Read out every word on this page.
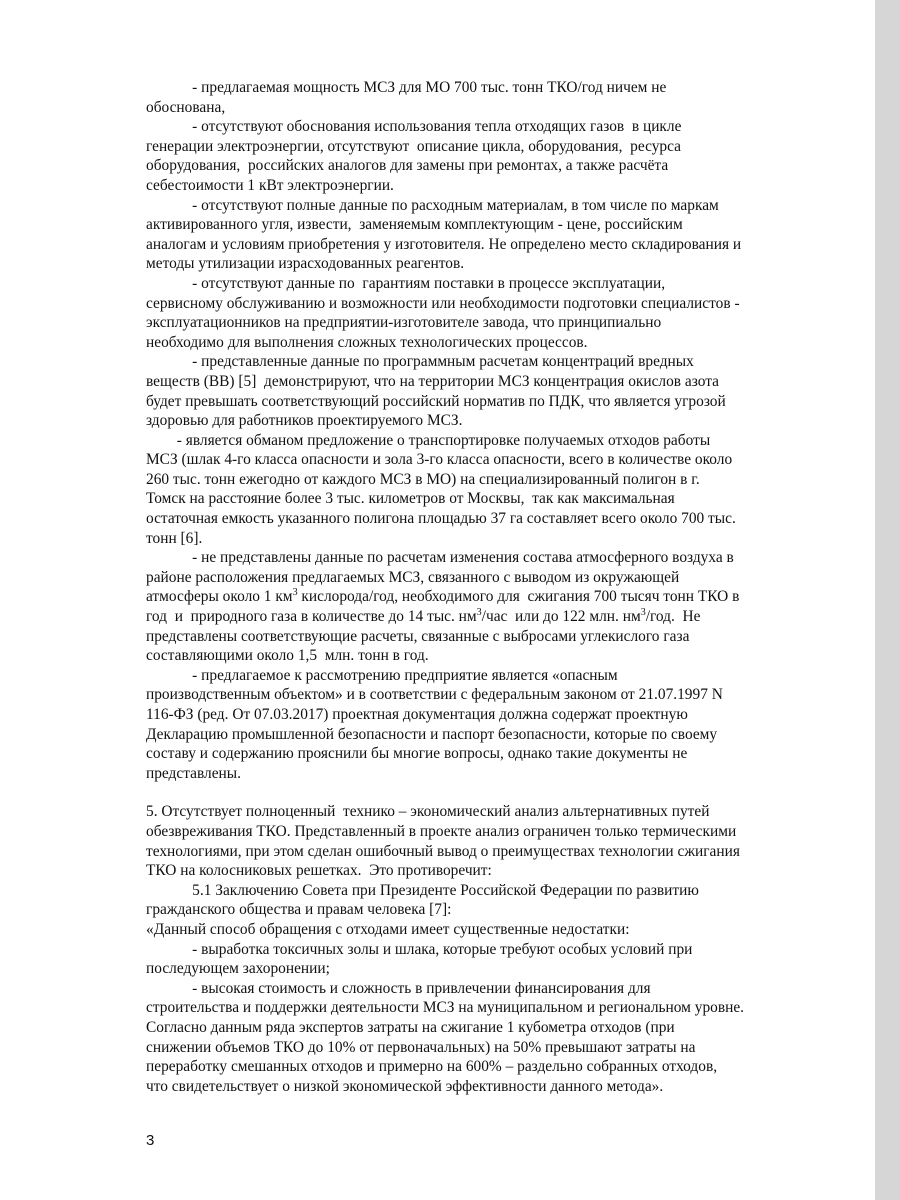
- предлагаемая мощность МСЗ для МО 700 тыс. тонн ТКО/год ничем не
обоснована,

- отсутствуют обоснования использования тепла отходящих газов  в цикле
генерации электроэнергии, отсутствуют  описание цикла, оборудования,  ресурса
оборудования,  российских аналогов для замены при ремонтах, а также расчёта
себестоимости 1 кВт электроэнергии.

- отсутствуют полные данные по расходным материалам, в том числе по маркам
активированного угля, извести,  заменяемым комплектующим - цене, российским
аналогам и условиям приобретения у изготовителя. Не определено место складирования и
методы утилизации израсходованных реагентов.

- отсутствуют данные по  гарантиям поставки в процессе эксплуатации,
сервисному обслуживанию и возможности или необходимости подготовки специалистов -
эксплуатационников на предприятии-изготовителе завода, что принципиально
необходимо для выполнения сложных технологических процессов.

- представленные данные по программным расчетам концентраций вредных
веществ (ВВ) [5]  демонстрируют, что на территории МСЗ концентрация окислов азота
будет превышать соответствующий российский норматив по ПДК, что является угрозой
здоровью для работников проектируемого МСЗ.

- является обманом предложение о транспортировке получаемых отходов работы
МСЗ (шлак 4-го класса опасности и зола 3-го класса опасности, всего в количестве около
260 тыс. тонн ежегодно от каждого МСЗ в МО) на специализированный полигон в г.
Томск на расстояние более 3 тыс. километров от Москвы,  так как максимальная
остаточная емкость указанного полигона площадью 37 га составляет всего около 700 тыс.
тонн [6].

- не представлены данные по расчетам изменения состава атмосферного воздуха в
районе расположения предлагаемых МСЗ, связанного с выводом из окружающей
атмосферы около 1 $км^3$ кислорода/год, необходимого для  сжигания 700 тысяч тонн ТКО в
год  и  природного газа в количестве до 14 тыс. $нм^3$/час  или до 122 млн. $нм^3$/год.  Не
представлены соответствующие расчеты, связанные с выбросами углекислого газа
составляющими около 1,5  млн. тонн в год.

- предлагаемое к рассмотрению предприятие является «опасным
производственным объектом» и в соответствии с федеральным законом от 21.07.1997 N
116-ФЗ (ред. От 07.03.2017) проектная документация должна содержат проектную
Декларацию промышленной безопасности и паспорт безопасности, которые по своему
составу и содержанию прояснили бы многие вопросы, однако такие документы не
представлены.

5. Отсутствует полноценный  технико – экономический анализ альтернативных путей
обезвреживания ТКО. Представленный в проекте анализ ограничен только термическими
технологиями, при этом сделан ошибочный вывод о преимуществах технологии сжигания
ТКО на колосниковых решетках.  Это противоречит:

5.1 Заключению Совета при Президенте Российской Федерации по развитию
гражданского общества и правам человека [7]:

«Данный способ обращения с отходами имеет существенные недостатки:

- выработка токсичных золы и шлака, которые требуют особых условий при
последующем захоронении;

- высокая стоимость и сложность в привлечении финансирования для
строительства и поддержки деятельности МСЗ на муниципальном и региональном уровне.
Согласно данным ряда экспертов затраты на сжигание 1 кубометра отходов (при
снижении объемов ТКО до 10% от первоначальных) на 50% превышают затраты на
переработку смешанных отходов и примерно на 600% – раздельно собранных отходов,
что свидетельствует о низкой экономической эффективности данного метода».

3
